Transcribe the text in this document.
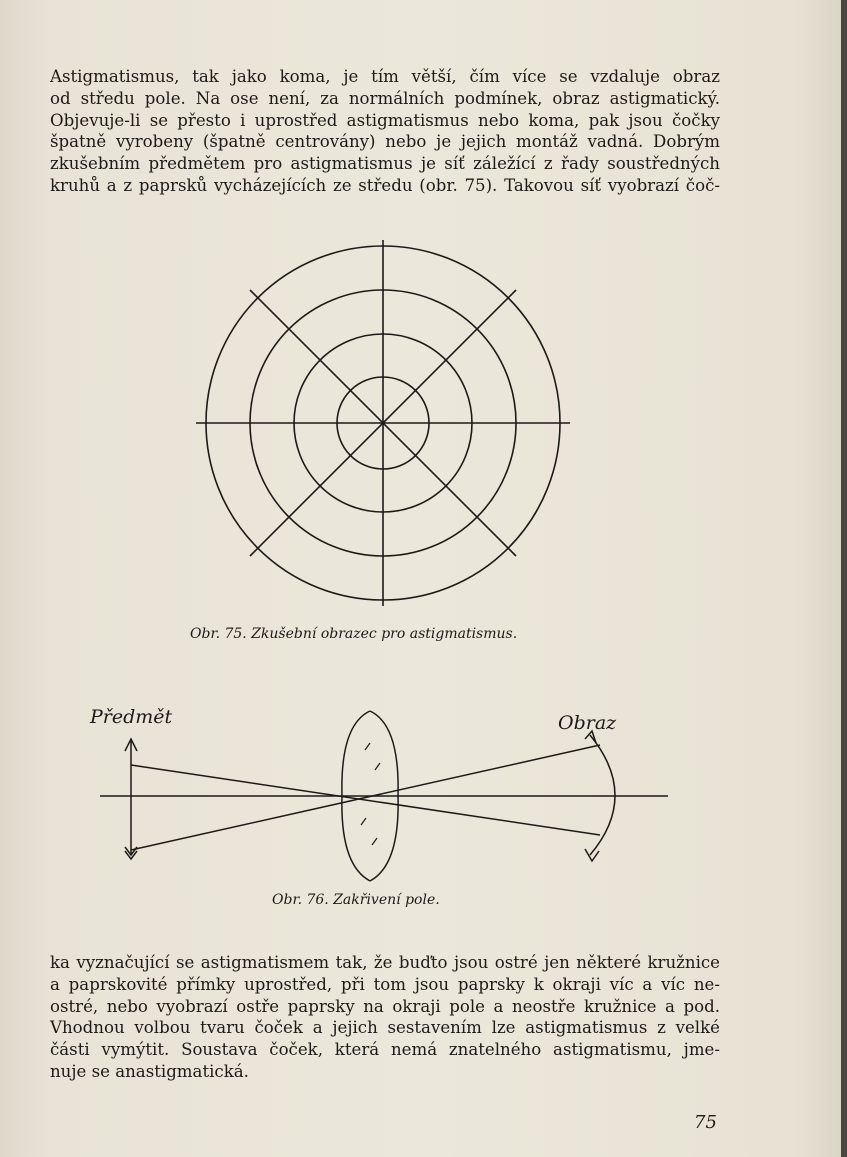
Astigmatismus, tak jako koma, je tím větší, čím více se vzdaluje obraz
od středu pole. Na ose není, za normálních podmínek, obraz astigmatický.
Objevuje-li se přesto i uprostřed astigmatismus nebo koma, pak jsou čočky
špatně vyrobeny (špatně centrovány) nebo je jejich montáž vadná. Dobrým
zkušebním předmětem pro astigmatismus je síť záležící z řady soustředných
kruhů a z paprsků vycházejících ze středu (obr. 75). Takovou síť vyobrazí čoč-

Obr. 75. Zkušební obrazec pro astigmatismus.

Předmět	Obraz

Obr. 76. Zakřivení pole.

ka vyznačující se astigmatismem tak, že buďto jsou ostré jen některé kružnice
a paprskovité přímky uprostřed, při tom jsou paprsky k okraji víc a víc ne-
ostré, nebo vyobrazí ostře paprsky na okraji pole a neostře kružnice a pod.
Vhodnou volbou tvaru čoček a jejich sestavením lze astigmatismus z velké
části vymýtit. Soustava čoček, která nemá znatelného astigmatismu, jme-
nuje se anastigmatická.

75
